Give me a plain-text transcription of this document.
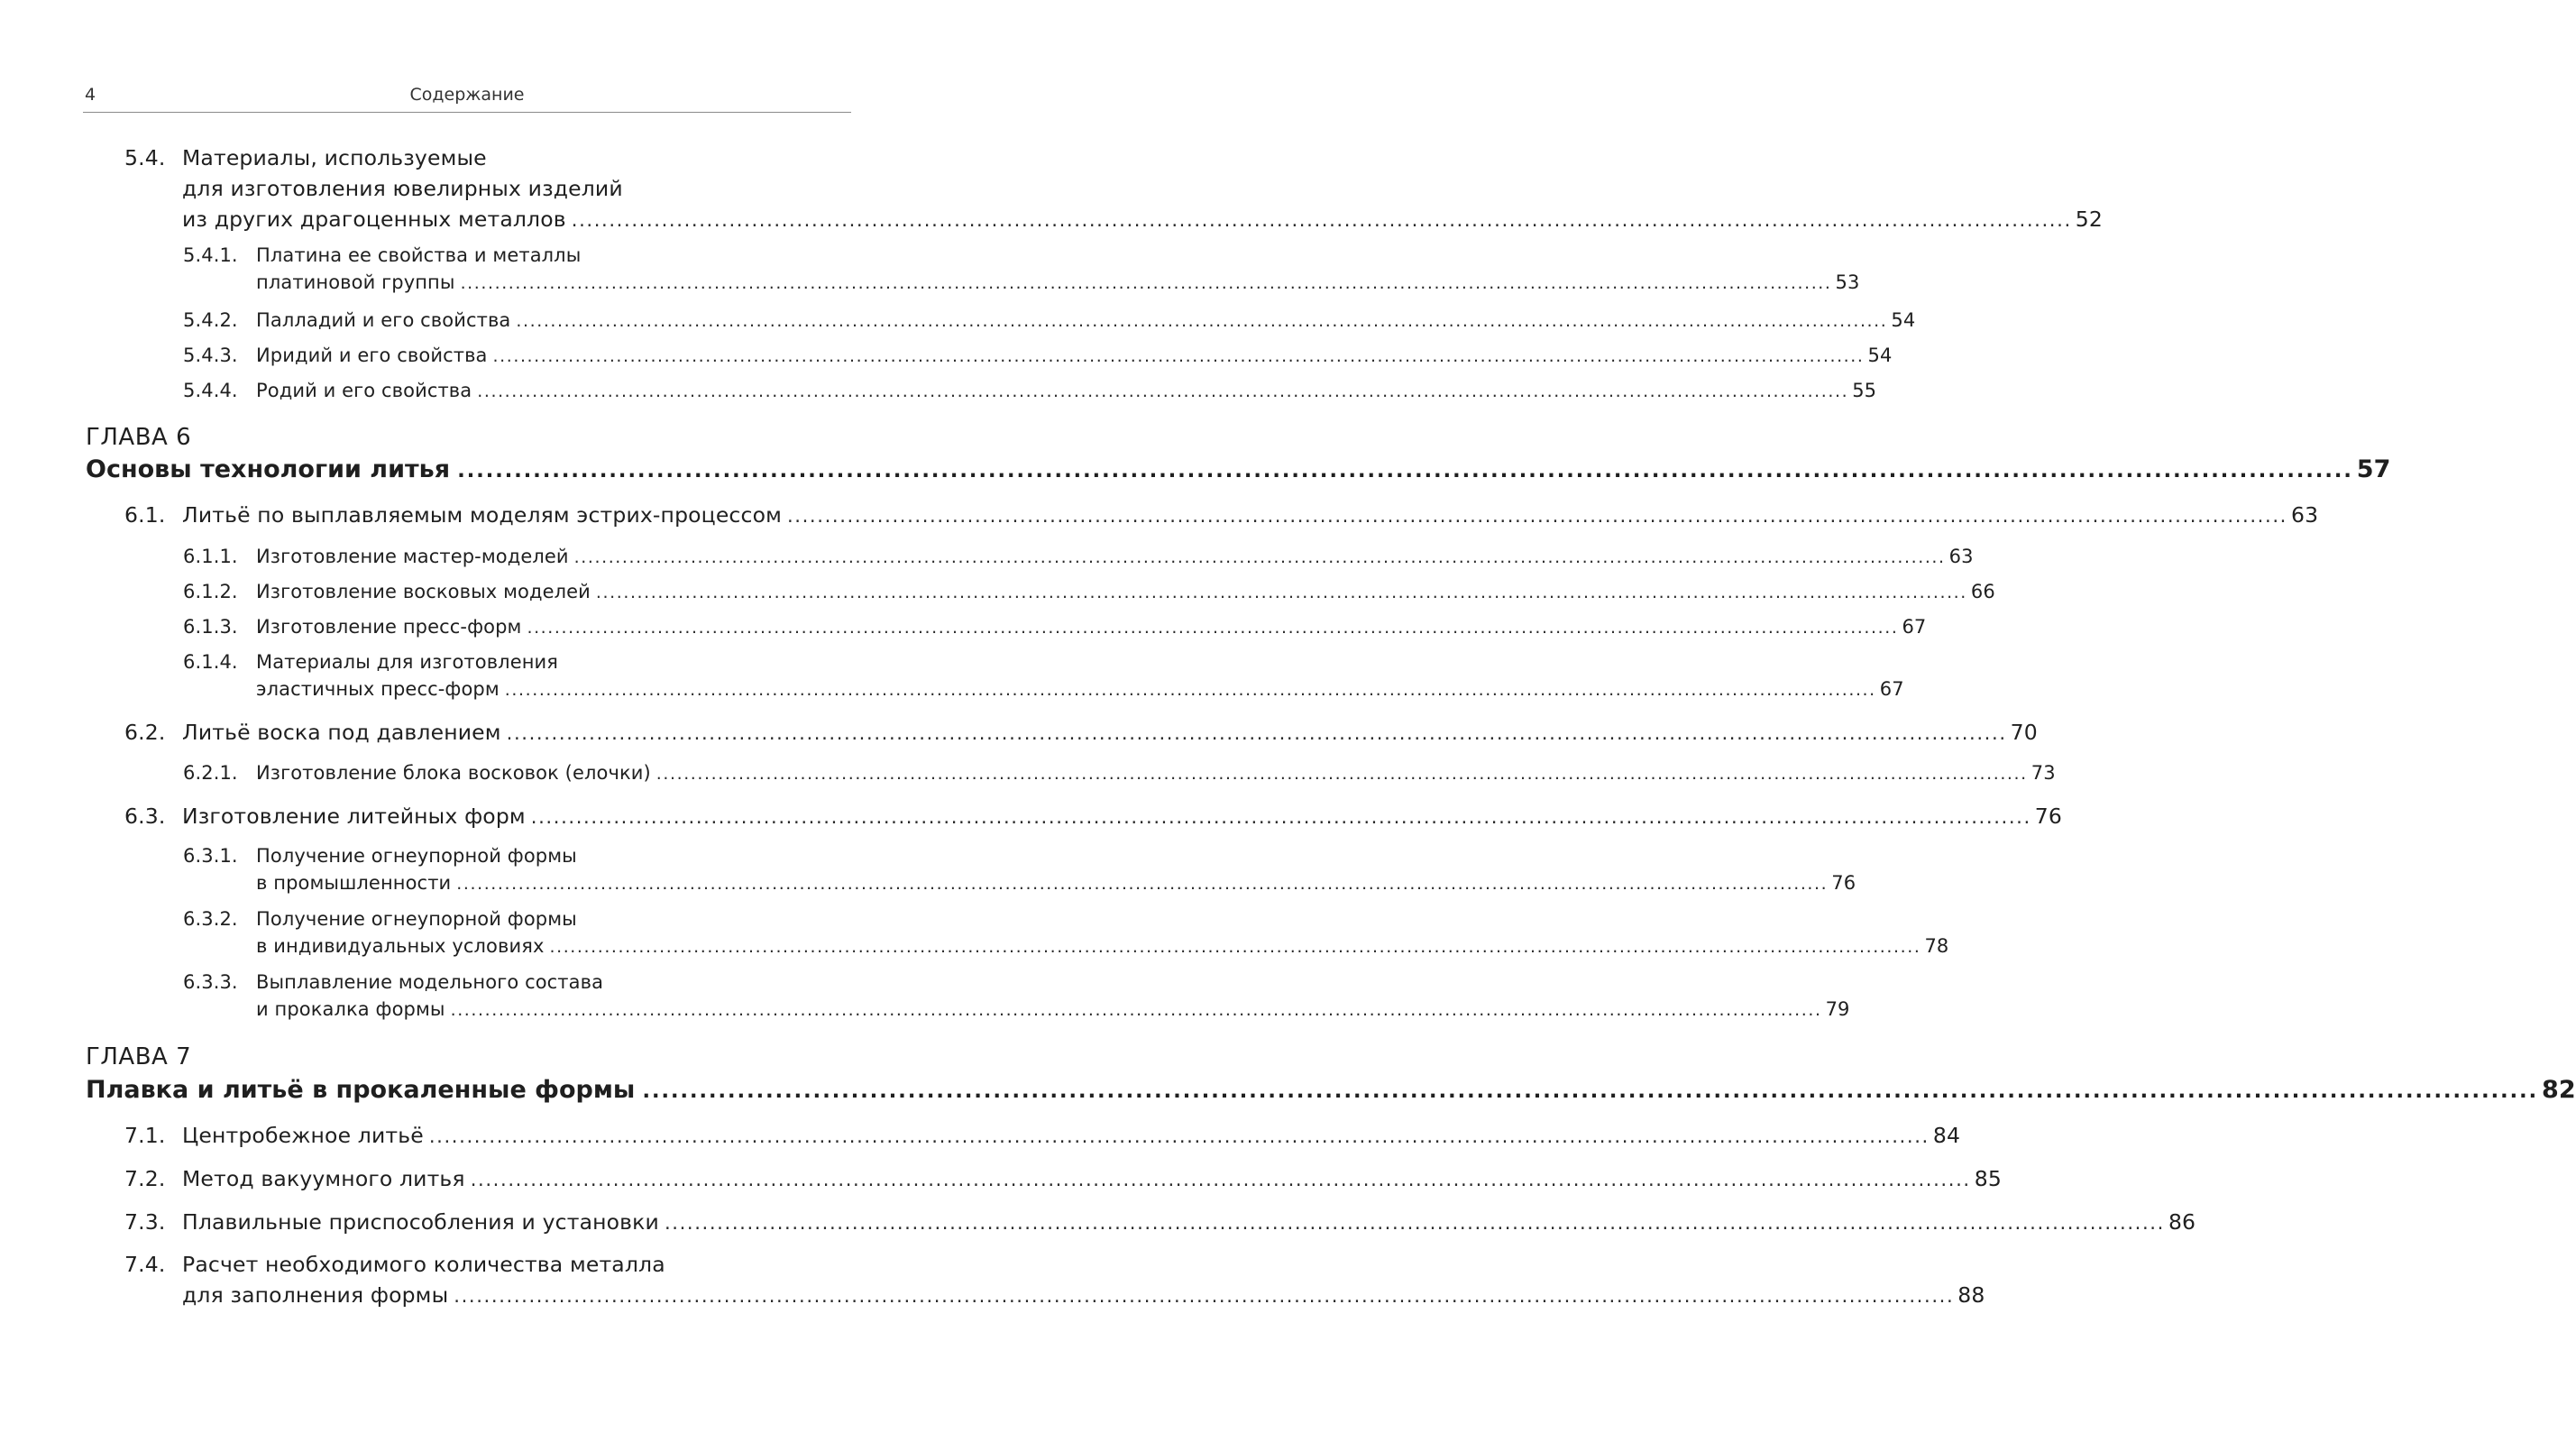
4	Содержание
5.4. Материалы, используемые
для изготовления ювелирных изделий
из других драгоценных металлов ........................................................................................................................................................................................................ 52
5.4.1. Платина ее свойства и металлы
платиновой группы ........................................................................................................................................................................................................ 53
5.4.2. Палладий и его свойства ........................................................................................................................................................................................................ 54
5.4.3. Иридий и его свойства ........................................................................................................................................................................................................ 54
5.4.4. Родий и его свойства ........................................................................................................................................................................................................ 55
ГЛАВА 6
Основы технологии литья ........................................................................................................................................................................................................ 57
6.1. Литьё по выплавляемым моделям эстрих-процессом ........................................................................................................................................................................................................ 63
6.1.1. Изготовление мастер-моделей ........................................................................................................................................................................................................ 63
6.1.2. Изготовление восковых моделей ........................................................................................................................................................................................................ 66
6.1.3. Изготовление пресс-форм ........................................................................................................................................................................................................ 67
6.1.4. Материалы для изготовления
эластичных пресс-форм ........................................................................................................................................................................................................ 67
6.2. Литьё воска под давлением ........................................................................................................................................................................................................ 70
6.2.1. Изготовление блока восковок (елочки) ........................................................................................................................................................................................................ 73
6.3. Изготовление литейных форм ........................................................................................................................................................................................................ 76
6.3.1. Получение огнеупорной формы
в промышленности ........................................................................................................................................................................................................ 76
6.3.2. Получение огнеупорной формы
в индивидуальных условиях ........................................................................................................................................................................................................ 78
6.3.3. Выплавление модельного состава
и прокалка формы ........................................................................................................................................................................................................ 79
ГЛАВА 7
Плавка и литьё в прокаленные формы ........................................................................................................................................................................................................ 82
7.1. Центробежное литьё ........................................................................................................................................................................................................ 84
7.2. Метод вакуумного литья ........................................................................................................................................................................................................ 85
7.3. Плавильные приспособления и установки ........................................................................................................................................................................................................ 86
7.4. Расчет необходимого количества металла
для заполнения формы ........................................................................................................................................................................................................ 88
